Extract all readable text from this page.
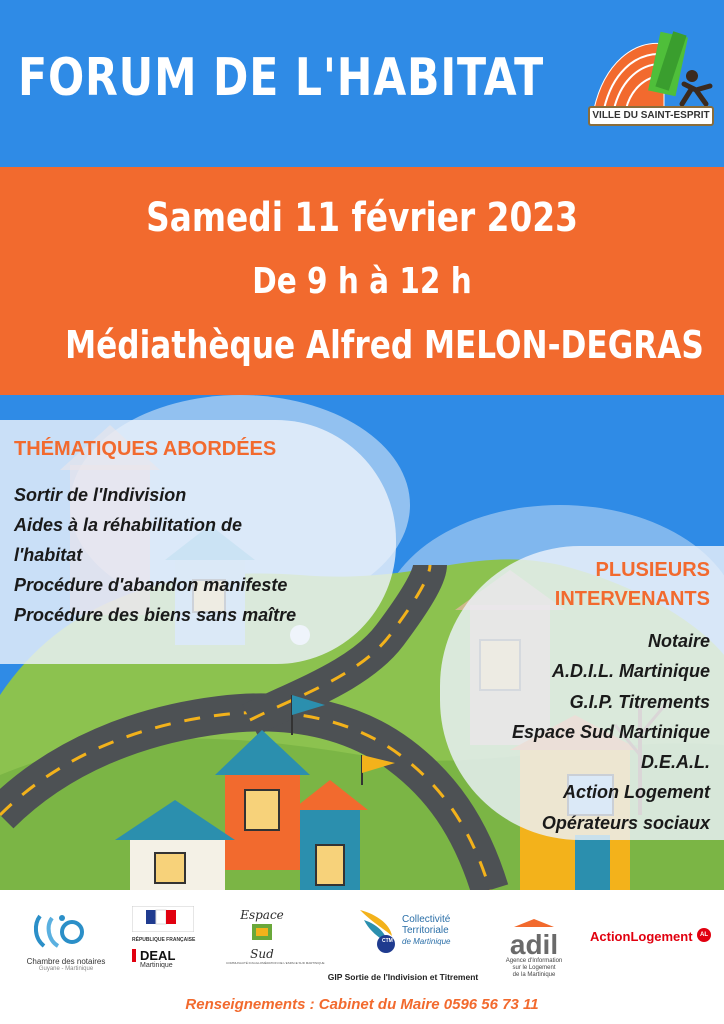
FORUM DE L'HABITAT
VILLE DU SAINT-ESPRIT
Samedi 11 février 2023
De 9 h à 12 h
Médiathèque Alfred MELON-DEGRAS
THÉMATIQUES ABORDÉES
Sortir de l'Indivision
Aides à la réhabilitation de
l'habitat
Procédure d'abandon manifeste
Procédure des biens sans maître
PLUSIEURS
INTERVENANTS
Notaire
A.D.I.L. Martinique
G.I.P. Titrements
Espace Sud Martinique
D.E.A.L.
Action Logement
Opérateurs sociaux
Chambre des notaires
Guyane - Martinique
RÉPUBLIQUE FRANÇAISE
DEAL
Martinique
Espace
Sud
COMMUNAUTÉ D'AGGLOMÉRATION DE L'ESPACE SUD MARTINIQUE
CTM
Collectivité
Territoriale
de Martinique
GIP Sortie de l'Indivision et Titrement
adil
Agence d'Information
sur le Logement
de la Martinique
ActionLogement AL
Renseignements : Cabinet du Maire 0596 56 73 11
